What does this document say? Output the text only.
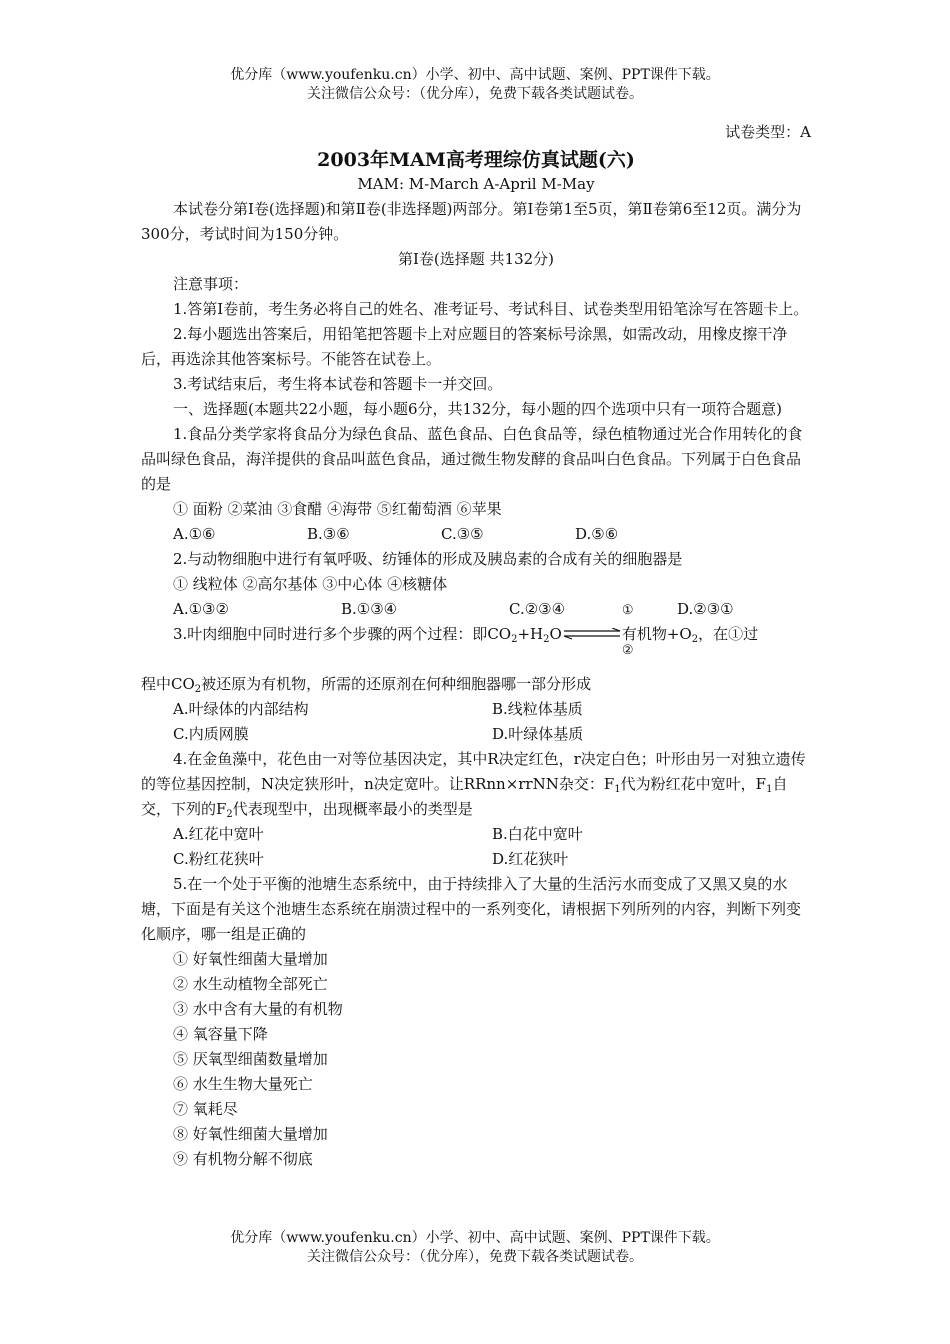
优分库（www.youfenku.cn）小学、初中、高中试题、案例、PPT课件下载。
关注微信公众号：（优分库），免费下载各类试题试卷。

试卷类型：A

2003年MAM高考理综仿真试题(六)

MAM: M-March A-April M-May

本试卷分第Ⅰ卷(选择题)和第Ⅱ卷(非选择题)两部分。第Ⅰ卷第1至5页，第Ⅱ卷第6至12页。满分为300分，考试时间为150分钟。

第Ⅰ卷(选择题 共132分)

注意事项：

1.答第Ⅰ卷前，考生务必将自己的姓名、准考证号、考试科目、试卷类型用铅笔涂写在答题卡上。

2.每小题选出答案后，用铅笔把答题卡上对应题目的答案标号涂黑，如需改动，用橡皮擦干净后，再选涂其他答案标号。不能答在试卷上。

3.考试结束后，考生将本试卷和答题卡一并交回。

一、选择题(本题共22小题，每小题6分，共132分，每小题的四个选项中只有一项符合题意)

1.食品分类学家将食品分为绿色食品、蓝色食品、白色食品等，绿色植物通过光合作用转化的食品叫绿色食品，海洋提供的食品叫蓝色食品，通过微生物发酵的食品叫白色食品。下列属于白色食品的是

① 面粉 ②菜油 ③食醋 ④海带 ⑤红葡萄酒 ⑥苹果

A.①⑥	B.③⑥	C.③⑤	D.⑤⑥

2.与动物细胞中进行有氧呼吸、纺锤体的形成及胰岛素的合成有关的细胞器是

① 线粒体 ②高尔基体 ③中心体 ④核糖体

A.①③②	B.①③④	C.②③④	D.②③①

3.叶肉细胞中同时进行多个步骤的两个过程：即$CO_2+H_2O$
①
②
有机物$+O_2$，在①过

程中$CO_2$被还原为有机物，所需的还原剂在何种细胞器哪一部分形成

A.叶绿体的内部结构	B.线粒体基质
C.内质网膜	D.叶绿体基质

4.在金鱼藻中，花色由一对等位基因决定，其中R决定红色，r决定白色；叶形由另一对独立遗传的等位基因控制，N决定狭形叶，n决定宽叶。让RRnn×rrNN杂交：$F_1$代为粉红花中宽叶，$F_1$自交，下列的$F_2$代表现型中，出现概率最小的类型是

A.红花中宽叶	B.白花中宽叶
C.粉红花狭叶	D.红花狭叶

5.在一个处于平衡的池塘生态系统中，由于持续排入了大量的生活污水而变成了又黑又臭的水塘，下面是有关这个池塘生态系统在崩溃过程中的一系列变化，请根据下列所列的内容，判断下列变化顺序，哪一组是正确的

① 好氧性细菌大量增加

② 水生动植物全部死亡

③ 水中含有大量的有机物

④ 氧容量下降

⑤ 厌氧型细菌数量增加

⑥ 水生生物大量死亡

⑦ 氧耗尽

⑧ 好氧性细菌大量增加

⑨ 有机物分解不彻底

优分库（www.youfenku.cn）小学、初中、高中试题、案例、PPT课件下载。
关注微信公众号：（优分库），免费下载各类试题试卷。
